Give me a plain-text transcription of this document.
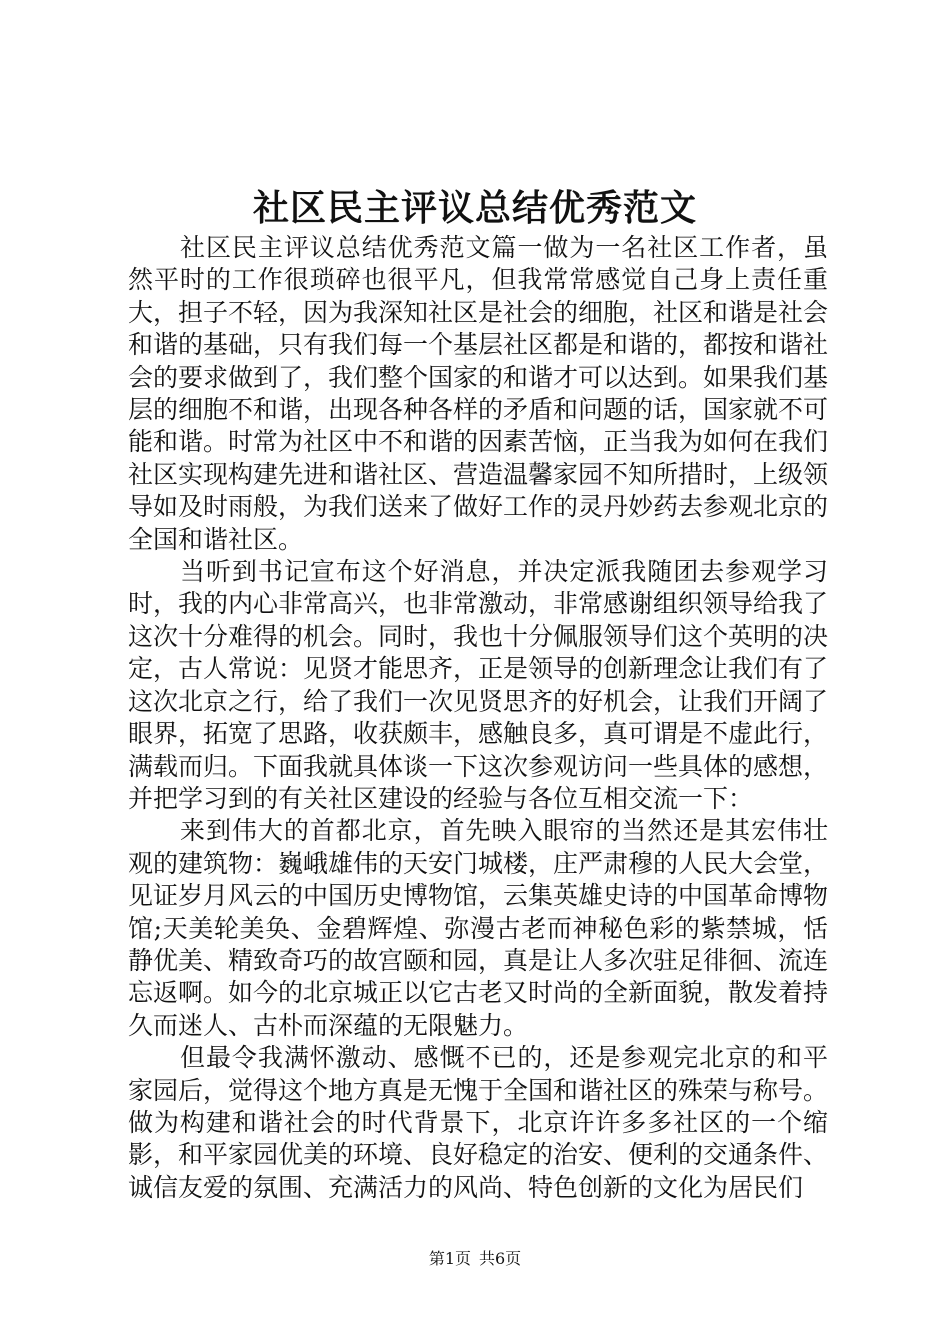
社区民主评议总结优秀范文

社区民主评议总结优秀范文篇一做为一名社区工作者，虽然平时的工作很琐碎也很平凡，但我常常感觉自己身上责任重大，担子不轻，因为我深知社区是社会的细胞，社区和谐是社会和谐的基础，只有我们每一个基层社区都是和谐的，都按和谐社会的要求做到了，我们整个国家的和谐才可以达到。如果我们基层的细胞不和谐，出现各种各样的矛盾和问题的话，国家就不可能和谐。时常为社区中不和谐的因素苦恼，正当我为如何在我们社区实现构建先进和谐社区、营造温馨家园不知所措时，上级领导如及时雨般，为我们送来了做好工作的灵丹妙药去参观北京的全国和谐社区。

当听到书记宣布这个好消息，并决定派我随团去参观学习时，我的内心非常高兴，也非常激动，非常感谢组织领导给我了这次十分难得的机会。同时，我也十分佩服领导们这个英明的决定，古人常说：见贤才能思齐，正是领导的创新理念让我们有了这次北京之行，给了我们一次见贤思齐的好机会，让我们开阔了眼界，拓宽了思路，收获颇丰，感触良多，真可谓是不虚此行，满载而归。下面我就具体谈一下这次参观访问一些具体的感想，并把学习到的有关社区建设的经验与各位互相交流一下：

来到伟大的首都北京，首先映入眼帘的当然还是其宏伟壮观的建筑物：巍峨雄伟的天安门城楼，庄严肃穆的人民大会堂，见证岁月风云的中国历史博物馆，云集英雄史诗的中国革命博物馆;天美轮美奂、金碧辉煌、弥漫古老而神秘色彩的紫禁城，恬静优美、精致奇巧的故宫颐和园，真是让人多次驻足徘徊、流连忘返啊。如今的北京城正以它古老又时尚的全新面貌，散发着持久而迷人、古朴而深蕴的无限魅力。

但最令我满怀激动、感慨不已的，还是参观完北京的和平家园后，觉得这个地方真是无愧于全国和谐社区的殊荣与称号。做为构建和谐社会的时代背景下，北京许许多多社区的一个缩影，和平家园优美的环境、良好稳定的治安、便利的交通条件、诚信友爱的氛围、充满活力的风尚、特色创新的文化为居民们

第1页 共6页
